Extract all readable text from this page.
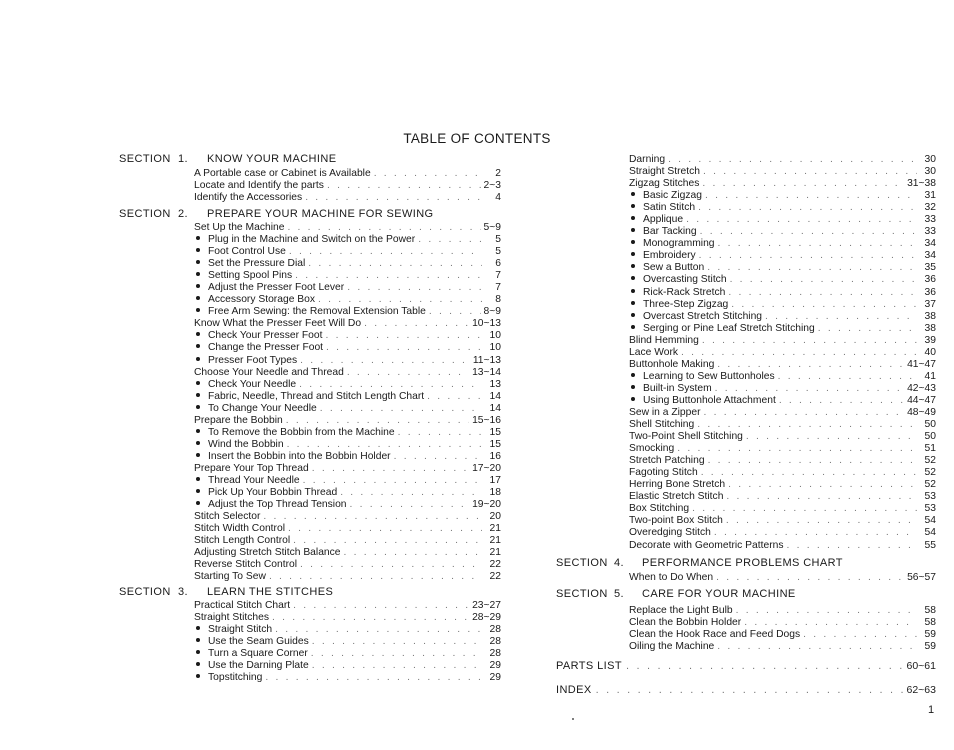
TABLE OF CONTENTS
SECTION 1.	KNOW YOUR MACHINE
A Portable case or Cabinet is Available . . .	2
Locate and Identify the parts . . .	2~3
Identify the Accessories . . .	4
SECTION 2.	PREPARE YOUR MACHINE FOR SEWING
Set Up the Machine . . .	5~9
Plug in the Machine and Switch on the Power . . .	5
Foot Control Use . . .	5
Set the Pressure Dial . . .	6
Setting Spool Pins . . .	7
Adjust the Presser Foot Lever . . .	7
Accessory Storage Box . . .	8
Free Arm Sewing: the Removal Extension Table . . .	8~9
Know What the Presser Feet Will Do . . .	10~13
Check Your Presser Foot . . .	10
Change the Presser Foot . . .	10
Presser Foot Types . . .	11~13
Choose Your Needle and Thread . . .	13~14
Check Your Needle . . .	13
Fabric, Needle, Thread and Stitch Length Chart . . .	14
To Change Your Needle . . .	14
Prepare the Bobbin . . .	15~16
To Remove the Bobbin from the Machine . . .	15
Wind the Bobbin . . .	15
Insert the Bobbin into the Bobbin Holder . . .	16
Prepare Your Top Thread . . .	17~20
Thread Your Needle . . .	17
Pick Up Your Bobbin Thread . . .	18
Adjust the Top Thread Tension . . .	19~20
Stitch Selector . . .	20
Stitch Width Control . . .	21
Stitch Length Control . . .	21
Adjusting Stretch Stitch Balance . . .	21
Reverse Stitch Control . . .	22
Starting To Sew . . .	22
SECTION 3.	LEARN THE STITCHES
Practical Stitch Chart . . .	23~27
Straight Stitches . . .	28~29
Straight Stitch . . .	28
Use the Seam Guides . . .	28
Turn a Square Corner . . .	28
Use the Darning Plate . . .	29
Topstitching . . .	29
Darning . . .	30
Straight Stretch . . .	30
Zigzag Stitches . . .	31~38
Basic Zigzag . . .	31
Satin Stitch . . .	32
Applique . . .	33
Bar Tacking . . .	33
Monogramming . . .	34
Embroidery . . .	34
Sew a Button . . .	35
Overcasting Stitch . . .	36
Rick-Rack Stretch . . .	36
Three-Step Zigzag . . .	37
Overcast Stretch Stitching . . .	38
Serging or Pine Leaf Stretch Stitching . . .	38
Blind Hemming . . .	39
Lace Work . . .	40
Buttonhole Making . . .	41~47
Learning to Sew Buttonholes . . .	41
Built-in System . . .	42~43
Using Buttonhole Attachment . . .	44~47
Sew in a Zipper . . .	48~49
Shell Stitching . . .	50
Two-Point Shell Stitching . . .	50
Smocking . . .	51
Stretch Patching . . .	52
Fagoting Stitch . . .	52
Herring Bone Stretch . . .	52
Elastic Stretch Stitch . . .	53
Box Stitching . . .	53
Two-point Box Stitch . . .	54
Overedging Stitch . . .	54
Decorate with Geometric Patterns . . .	55
SECTION 4.	PERFORMANCE PROBLEMS CHART
When to Do When . . .	56~57
SECTION 5.	CARE FOR YOUR MACHINE
Replace the Light Bulb . . .	58
Clean the Bobbin Holder . . .	58
Clean the Hook Race and Feed Dogs . . .	59
Oiling the Machine . . .	59
PARTS LIST . . .	60~61
INDEX . . .	62~63
1
